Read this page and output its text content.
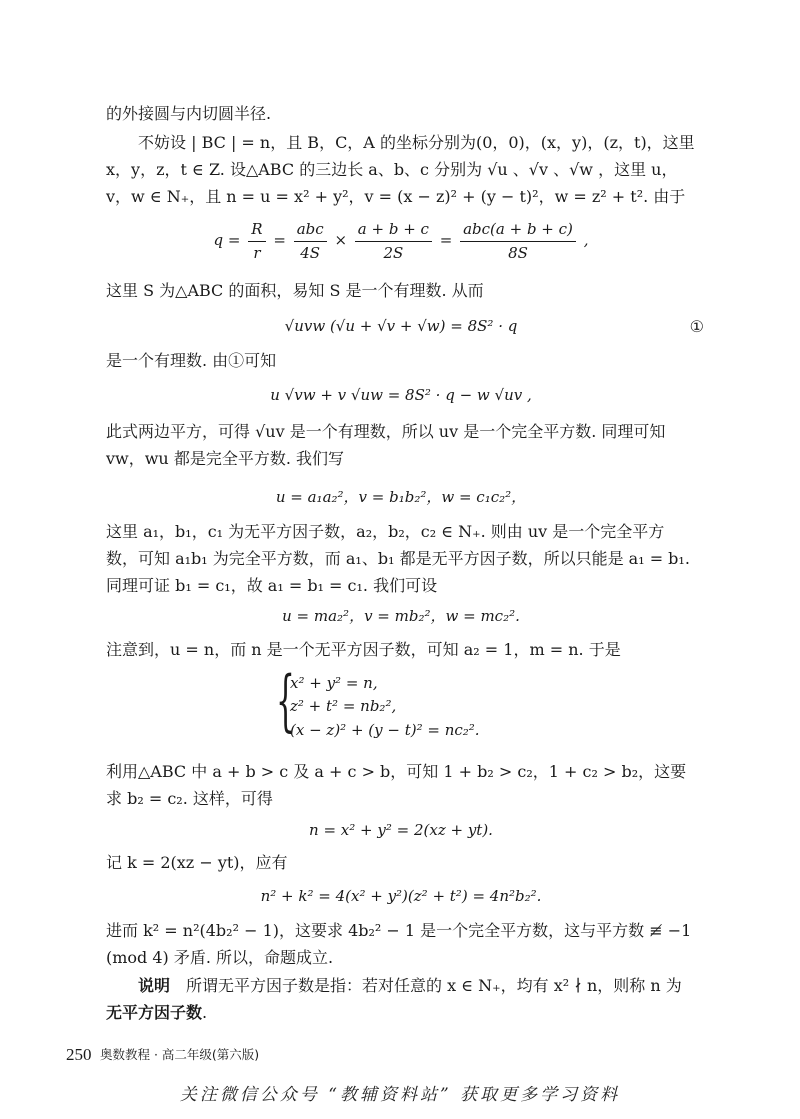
的外接圆与内切圆半径.

不妨设 | BC | = n，且 B，C，A 的坐标分别为(0，0)，(x，y)，(z，t)，这里 x，y，z，t ∈ Z. 设△ABC 的三边长 a、b、c 分别为 √u 、√v 、√w ，这里 u，v，w ∈ N₊，且 n = u = x² + y²，v = (x − z)² + (y − t)²，w = z² + t². 由于

$q = \frac{R}{r} = \frac{\text{abc}}{4S} \times \frac{a + b + c}{2S} = \frac{\text{abc(a + b + c)}}{8S}$ ,

这里 S 为△ABC 的面积，易知 S 是一个有理数. 从而

√uvw (√u + √v + √w) = 8S² · q	①

是一个有理数. 由①可知

u √vw + v √uw = 8S² · q − w √uv ,

此式两边平方，可得 √uv 是一个有理数，所以 uv 是一个完全平方数. 同理可知 vw，wu 都是完全平方数. 我们写

u = a₁a₂²，v = b₁b₂²，w = c₁c₂²，

这里 a₁，b₁，c₁ 为无平方因子数，a₂，b₂，c₂ ∈ N₊. 则由 uv 是一个完全平方数，可知 a₁b₁ 为完全平方数，而 a₁、b₁ 都是无平方因子数，所以只能是 a₁ = b₁. 同理可证 b₁ = c₁，故 a₁ = b₁ = c₁. 我们可设

u = ma₂²，v = mb₂²，w = mc₂².

注意到，u = n，而 n 是一个无平方因子数，可知 a₂ = 1，m = n. 于是

{
x² + y² = n,
z² + t² = nb₂²,
(x − z)² + (y − t)² = nc₂².

利用△ABC 中 a + b > c 及 a + c > b，可知 1 + b₂ > c₂，1 + c₂ > b₂，这要求 b₂ = c₂. 这样，可得

n = x² + y² = 2(xz + yt).

记 k = 2(xz − yt)，应有

n² + k² = 4(x² + y²)(z² + t²) = 4n²b₂².

进而 k² = n²(4b₂² − 1)，这要求 4b₂² − 1 是一个完全平方数，这与平方数 ≢ −1 (mod 4) 矛盾. 所以，命题成立.

说明　 所谓无平方因子数是指：若对任意的 x ∈ N₊，均有 x² ∤ n，则称 n 为无平方因子数.

250 奥数教程 · 高二年级(第六版)
关注微信公众号 “教辅资料站” 获取更多学习资料
